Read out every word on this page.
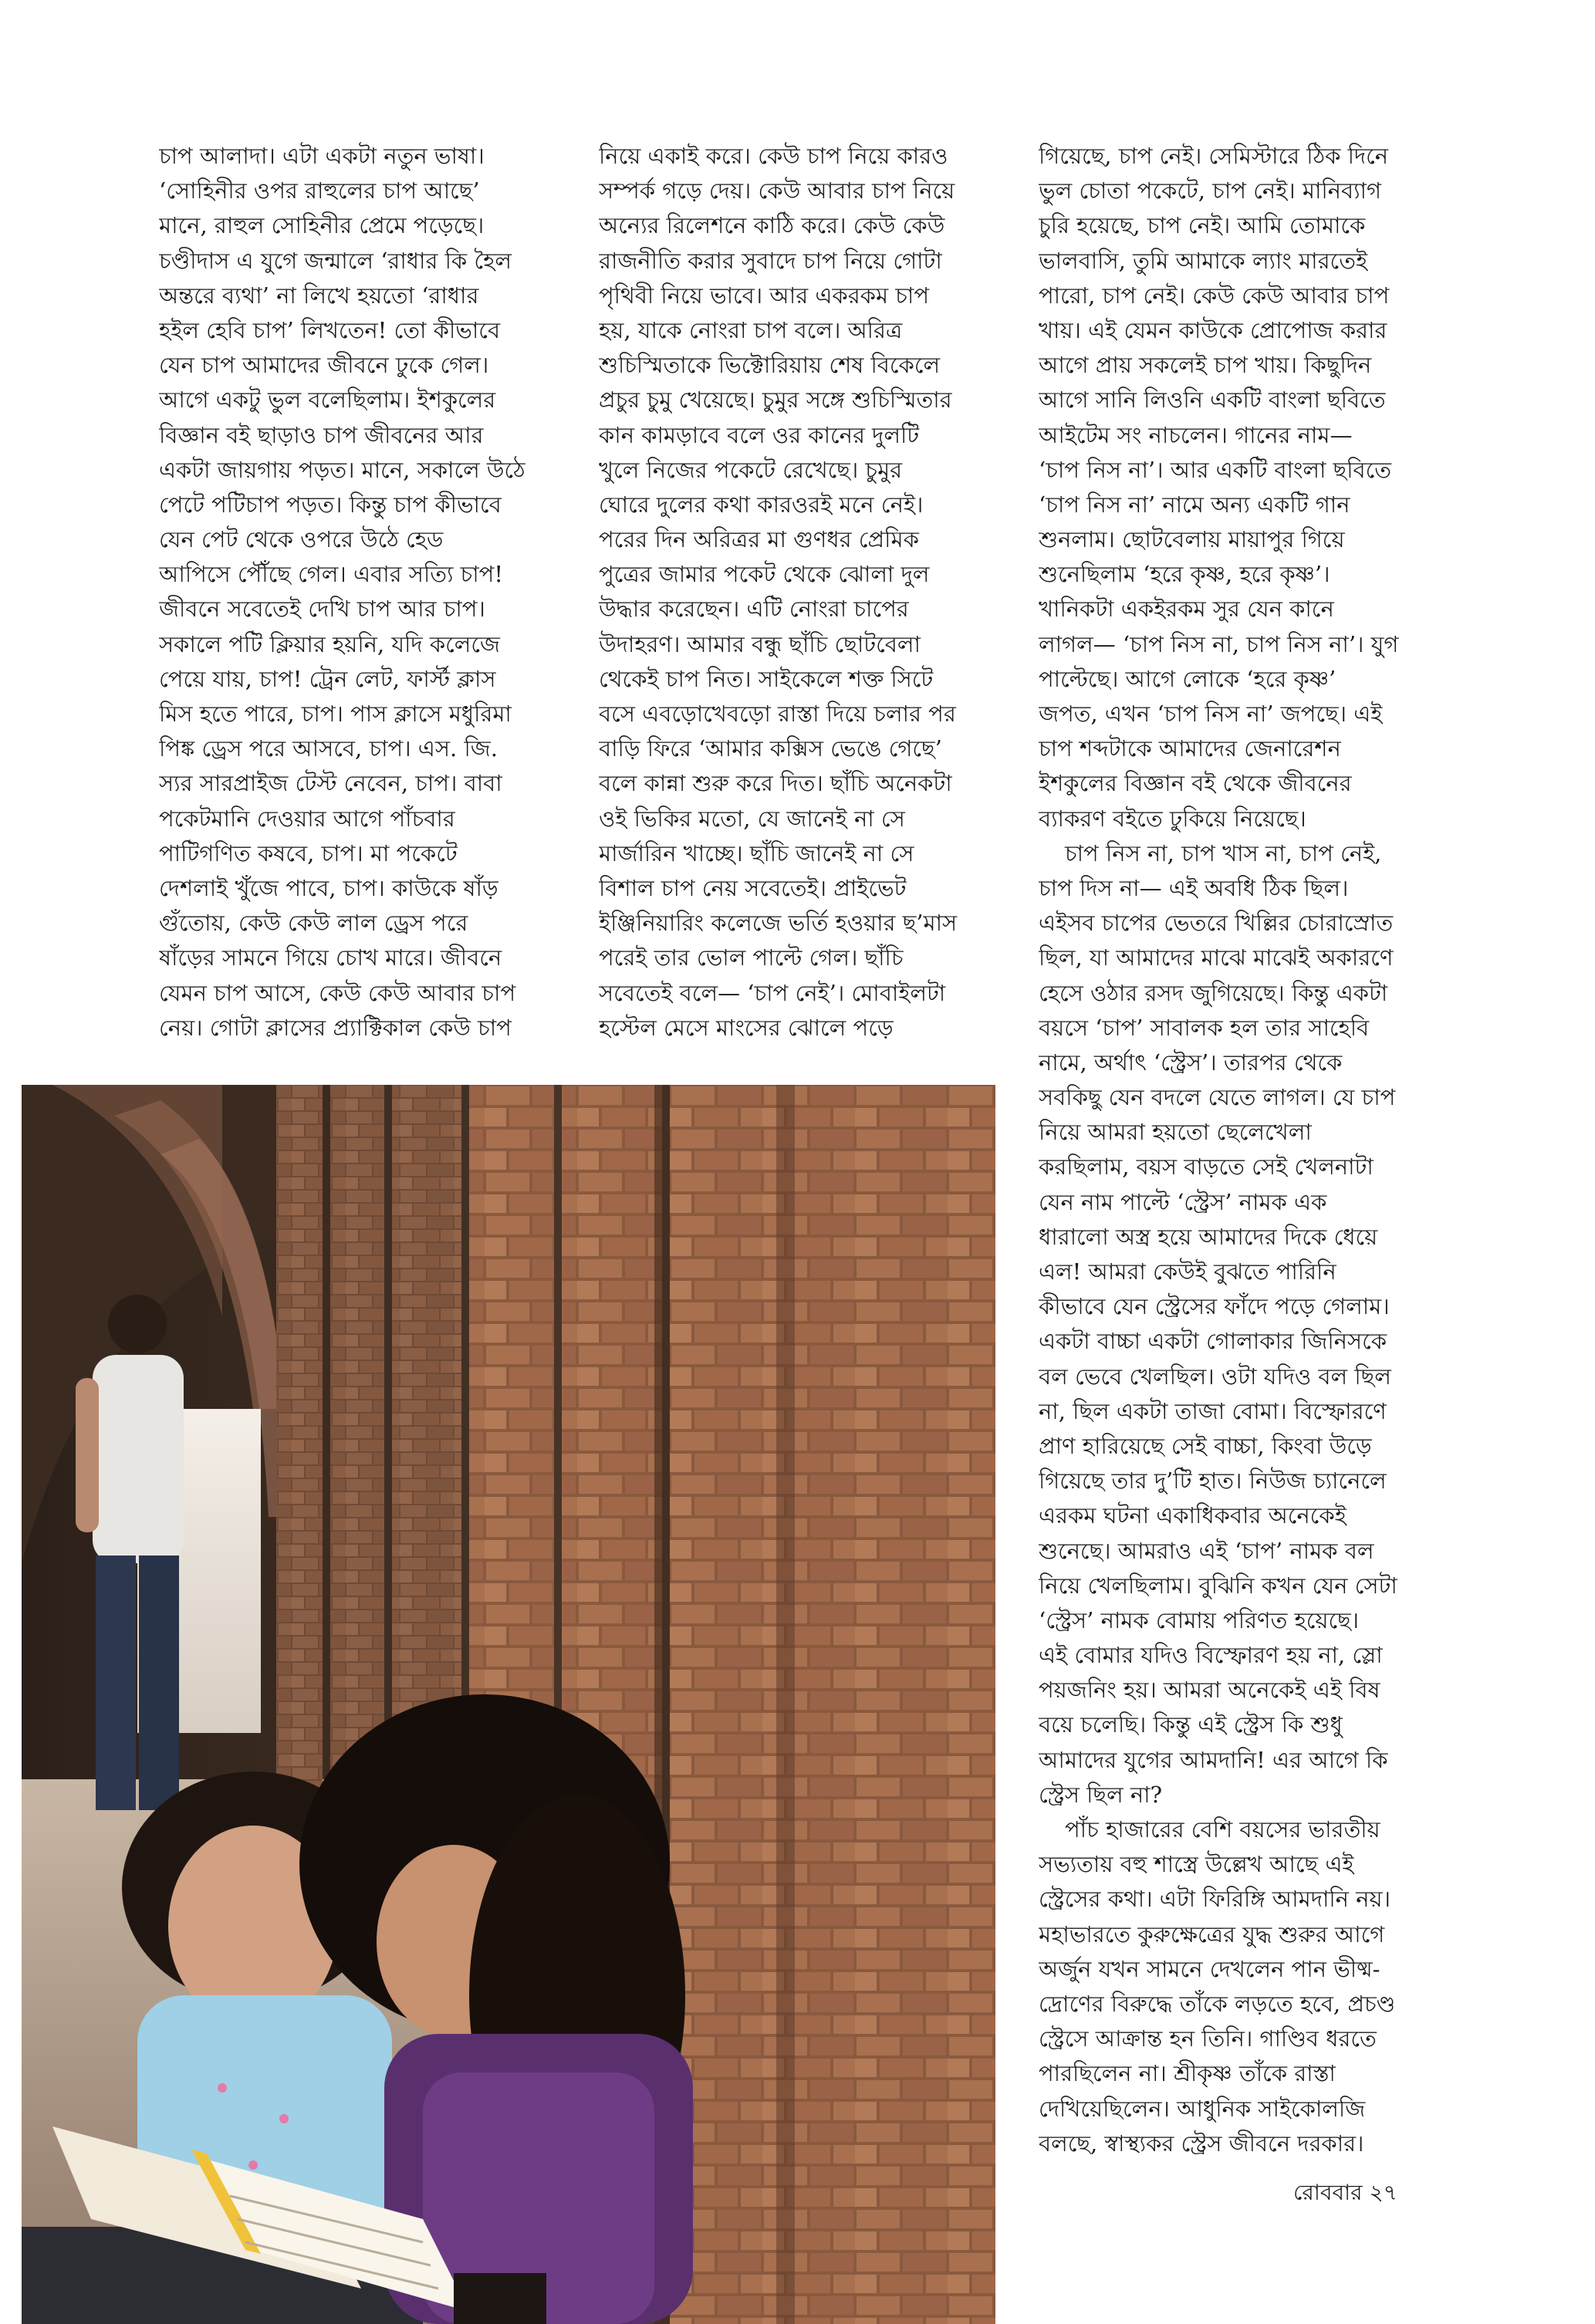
চাপ আলাদা। এটা একটা নতুন ভাষা।
‘সোহিনীর ওপর রাহুলের চাপ আছে’
মানে, রাহুল সোহিনীর প্রেমে পড়েছে।
চণ্ডীদাস এ যুগে জন্মালে ‘রাধার কি হৈল
অন্তরে ব্যথা’ না লিখে হয়তো ‘রাধার
হইল হেবি চাপ’ লিখতেন! তো কীভাবে
যেন চাপ আমাদের জীবনে ঢুকে গেল।
আগে একটু ভুল বলেছিলাম। ইশকুলের
বিজ্ঞান বই ছাড়াও চাপ জীবনের আর
একটা জায়গায় পড়ত। মানে, সকালে উঠে
পেটে পটিচাপ পড়ত। কিন্তু চাপ কীভাবে
যেন পেট থেকে ওপরে উঠে হেড
আপিসে পৌঁছে গেল। এবার সত্যি চাপ!
জীবনে সবেতেই দেখি চাপ আর চাপ।
সকালে পটি ক্লিয়ার হয়নি, যদি কলেজে
পেয়ে যায়, চাপ! ট্রেন লেট, ফার্স্ট ক্লাস
মিস হতে পারে, চাপ। পাস ক্লাসে মধুরিমা
পিঙ্ক ড্রেস পরে আসবে, চাপ। এস. জি.
স্যর সারপ্রাইজ টেস্ট নেবেন, চাপ। বাবা
পকেটমানি দেওয়ার আগে পাঁচবার
পাটিগণিত কষবে, চাপ। মা পকেটে
দেশলাই খুঁজে পাবে, চাপ। কাউকে ষাঁড়
গুঁতোয়, কেউ কেউ লাল ড্রেস পরে
ষাঁড়ের সামনে গিয়ে চোখ মারে। জীবনে
যেমন চাপ আসে, কেউ কেউ আবার চাপ
নেয়। গোটা ক্লাসের প্র্যাক্টিকাল কেউ চাপ
নিয়ে একাই করে। কেউ চাপ নিয়ে কারও
সম্পর্ক গড়ে দেয়। কেউ আবার চাপ নিয়ে
অন্যের রিলেশনে কাঠি করে। কেউ কেউ
রাজনীতি করার সুবাদে চাপ নিয়ে গোটা
পৃথিবী নিয়ে ভাবে। আর একরকম চাপ
হয়, যাকে নোংরা চাপ বলে। অরিত্র
শুচিস্মিতাকে ভিক্টোরিয়ায় শেষ বিকেলে
প্রচুর চুমু খেয়েছে। চুমুর সঙ্গে শুচিস্মিতার
কান কামড়াবে বলে ওর কানের দুলটি
খুলে নিজের পকেটে রেখেছে। চুমুর
ঘোরে দুলের কথা কারওরই মনে নেই।
পরের দিন অরিত্রর মা গুণধর প্রেমিক
পুত্রের জামার পকেট থেকে ঝোলা দুল
উদ্ধার করেছেন। এটি নোংরা চাপের
উদাহরণ। আমার বন্ধু ছাঁচি ছোটবেলা
থেকেই চাপ নিত। সাইকেলে শক্ত সিটে
বসে এবড়োখেবড়ো রাস্তা দিয়ে চলার পর
বাড়ি ফিরে ‘আমার কক্সিস ভেঙে গেছে’
বলে কান্না শুরু করে দিত। ছাঁচি অনেকটা
ওই ভিকির মতো, যে জানেই না সে
মার্জারিন খাচ্ছে। ছাঁচি জানেই না সে
বিশাল চাপ নেয় সবেতেই। প্রাইভেট
ইঞ্জিনিয়ারিং কলেজে ভর্তি হওয়ার ছ’মাস
পরেই তার ভোল পাল্টে গেল। ছাঁচি
সবেতেই বলে— ‘চাপ নেই’। মোবাইলটা
হস্টেল মেসে মাংসের ঝোলে পড়ে
গিয়েছে, চাপ নেই। সেমিস্টারে ঠিক দিনে
ভুল চোতা পকেটে, চাপ নেই। মানিব্যাগ
চুরি হয়েছে, চাপ নেই। আমি তোমাকে
ভালবাসি, তুমি আমাকে ল্যাং মারতেই
পারো, চাপ নেই। কেউ কেউ আবার চাপ
খায়। এই যেমন কাউকে প্রোপোজ করার
আগে প্রায় সকলেই চাপ খায়। কিছুদিন
আগে সানি লিওনি একটি বাংলা ছবিতে
আইটেম সং নাচলেন। গানের নাম—
‘চাপ নিস না’। আর একটি বাংলা ছবিতে
‘চাপ নিস না’ নামে অন্য একটি গান
শুনলাম। ছোটবেলায় মায়াপুর গিয়ে
শুনেছিলাম ‘হরে কৃষ্ণ, হরে কৃষ্ণ’।
খানিকটা একইরকম সুর যেন কানে
লাগল— ‘চাপ নিস না, চাপ নিস না’। যুগ
পাল্টেছে। আগে লোকে ‘হরে কৃষ্ণ’
জপত, এখন ‘চাপ নিস না’ জপছে। এই
চাপ শব্দটাকে আমাদের জেনারেশন
ইশকুলের বিজ্ঞান বই থেকে জীবনের
ব্যাকরণ বইতে ঢুকিয়ে নিয়েছে।
চাপ নিস না, চাপ খাস না, চাপ নেই,
চাপ দিস না— এই অবধি ঠিক ছিল।
এইসব চাপের ভেতরে খিল্লির চোরাস্রোত
ছিল, যা আমাদের মাঝে মাঝেই অকারণে
হেসে ওঠার রসদ জুগিয়েছে। কিন্তু একটা
বয়সে ‘চাপ’ সাবালক হল তার সাহেবি
নামে, অর্থাৎ ‘স্ট্রেস’। তারপর থেকে
সবকিছু যেন বদলে যেতে লাগল। যে চাপ
নিয়ে আমরা হয়তো ছেলেখেলা
করছিলাম, বয়স বাড়তে সেই খেলনাটা
যেন নাম পাল্টে ‘স্ট্রেস’ নামক এক
ধারালো অস্ত্র হয়ে আমাদের দিকে ধেয়ে
এল! আমরা কেউই বুঝতে পারিনি
কীভাবে যেন স্ট্রেসের ফাঁদে পড়ে গেলাম।
একটা বাচ্চা একটা গোলাকার জিনিসকে
বল ভেবে খেলছিল। ওটা যদিও বল ছিল
না, ছিল একটা তাজা বোমা। বিস্ফোরণে
প্রাণ হারিয়েছে সেই বাচ্চা, কিংবা উড়ে
গিয়েছে তার দু’টি হাত। নিউজ চ্যানেলে
এরকম ঘটনা একাধিকবার অনেকেই
শুনেছে। আমরাও এই ‘চাপ’ নামক বল
নিয়ে খেলছিলাম। বুঝিনি কখন যেন সেটা
‘স্ট্রেস’ নামক বোমায় পরিণত হয়েছে।
এই বোমার যদিও বিস্ফোরণ হয় না, স্লো
পয়জনিং হয়। আমরা অনেকেই এই বিষ
বয়ে চলেছি। কিন্তু এই স্ট্রেস কি শুধু
আমাদের যুগের আমদানি! এর আগে কি
স্ট্রেস ছিল না?
পাঁচ হাজারের বেশি বয়সের ভারতীয়
সভ্যতায় বহু শাস্ত্রে উল্লেখ আছে এই
স্ট্রেসের কথা। এটা ফিরিঙ্গি আমদানি নয়।
মহাভারতে কুরুক্ষেত্রের যুদ্ধ শুরুর আগে
অর্জুন যখন সামনে দেখলেন পান ভীষ্ম-
দ্রোণের বিরুদ্ধে তাঁকে লড়তে হবে, প্রচণ্ড
স্ট্রেসে আক্রান্ত হন তিনি। গাণ্ডিব ধরতে
পারছিলেন না। শ্রীকৃষ্ণ তাঁকে রাস্তা
দেখিয়েছিলেন। আধুনিক সাইকোলজি
বলছে, স্বাস্থ্যকর স্ট্রেস জীবনে দরকার।
রোববার ২৭
